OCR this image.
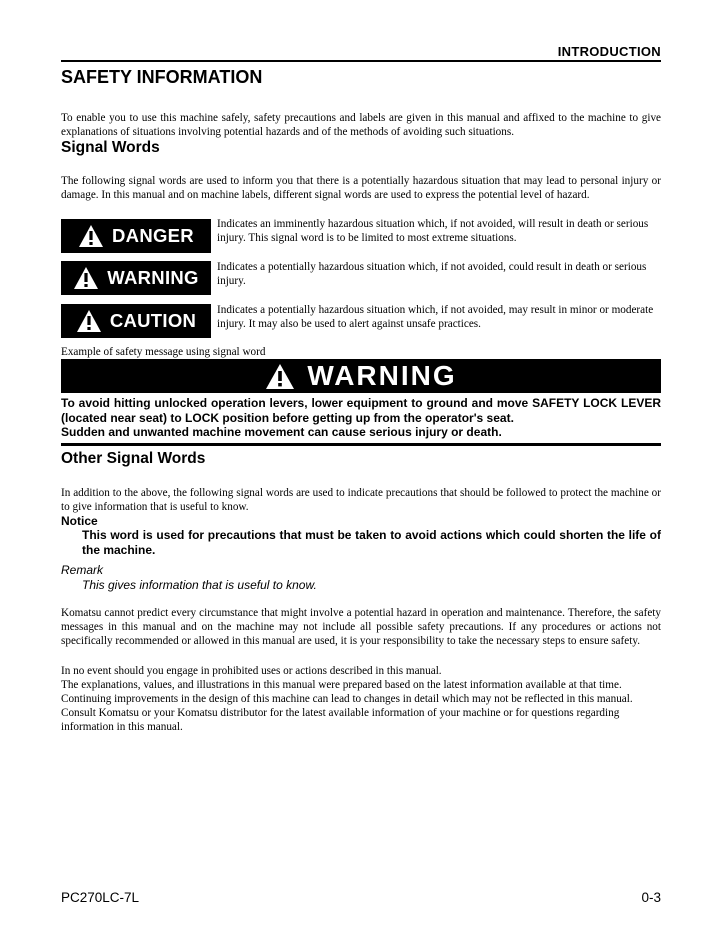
INTRODUCTION
SAFETY INFORMATION
To enable you to use this machine safely, safety precautions and labels are given in this manual and affixed to the machine to give explanations of situations involving potential hazards and of the methods of avoiding such situations.
Signal Words
The following signal words are used to inform you that there is a potentially hazardous situation that may lead to personal injury or damage. In this manual and on machine labels, different signal words are used to express the potential level of hazard.
DANGER
Indicates an imminently hazardous situation which, if not avoided, will result in death or serious injury. This signal word is to be limited to most extreme situations.
WARNING Indicates a potentially hazardous situation which, if not avoided, could result in death or serious injury.
CAUTION Indicates a potentially hazardous situation which, if not avoided, may result in minor or moderate injury. It may also be used to alert against unsafe practices.
Example of safety message using signal word
WARNING
To avoid hitting unlocked operation levers, lower equipment to ground and move SAFETY LOCK LEVER (located near seat) to LOCK position before getting up from the operator's seat.
Sudden and unwanted machine movement can cause serious injury or death.
Other Signal Words
In addition to the above, the following signal words are used to indicate precautions that should be followed to protect the machine or to give information that is useful to know.
Notice
This word is used for precautions that must be taken to avoid actions which could shorten the life of the machine.
Remark
This gives information that is useful to know.
Komatsu cannot predict every circumstance that might involve a potential hazard in operation and maintenance. Therefore, the safety messages in this manual and on the machine may not include all possible safety precautions. If any procedures or actions not specifically recommended or allowed in this manual are used, it is your responsibility to take the necessary steps to ensure safety.
In no event should you engage in prohibited uses or actions described in this manual.
The explanations, values, and illustrations in this manual were prepared based on the latest information available at that time. Continuing improvements in the design of this machine can lead to changes in detail which may not be reflected in this manual. Consult Komatsu or your Komatsu distributor for the latest available information of your machine or for questions regarding information in this manual.
PC270LC-7L	0-3
